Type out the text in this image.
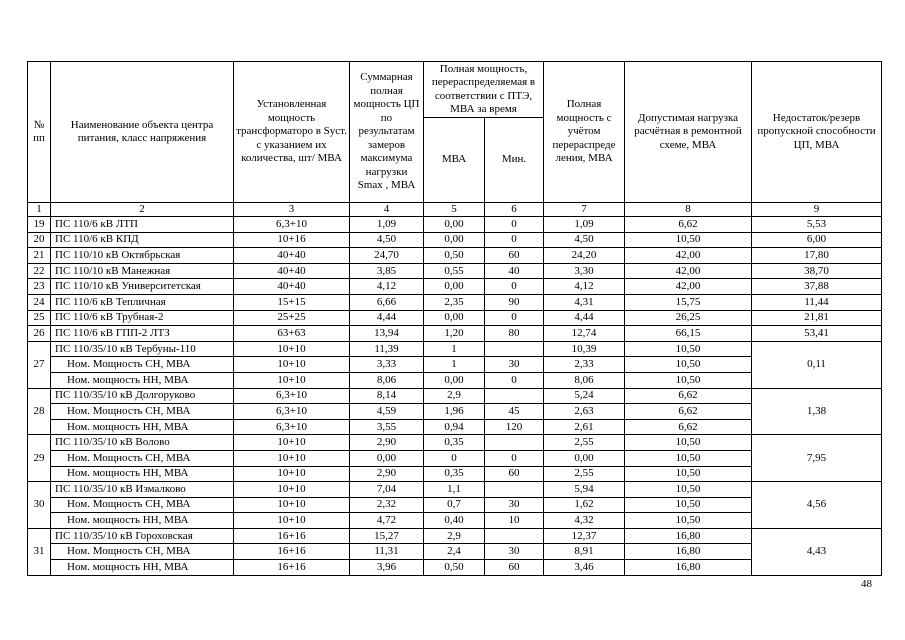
№ пп	Наименование объекта центра питания, класс напряжения	Установленная мощность трансформаторо в Sуст. с указанием их количества, шт/ МВА	Суммарная полная мощность ЦП по результатам замеров максимума нагрузки Smax , МВА	Полная мощность, перераспределяемая в соответствии с ПТЭ, МВА за время		Полная мощность с учётом перераспреде ления, МВА	Допустимая нагрузка расчётная в ремонтной схеме, МВА	Недостаток/резерв пропускной способности ЦП, МВА
				МВА	Мин.			
1	2	3	4	5	6	7	8	9
19	ПС 110/6 кВ ЛТП	6,3+10	1,09	0,00	0	1,09	6,62	5,53
20	ПС 110/6 кВ КПД	10+16	4,50	0,00	0	4,50	10,50	6,00
21	ПС 110/10 кВ Октябрьская	40+40	24,70	0,50	60	24,20	42,00	17,80
22	ПС 110/10 кВ Манежная	40+40	3,85	0,55	40	3,30	42,00	38,70
23	ПС 110/10 кВ Университетская	40+40	4,12	0,00	0	4,12	42,00	37,88
24	ПС 110/6 кВ Тепличная	15+15	6,66	2,35	90	4,31	15,75	11,44
25	ПС 110/6 кВ Трубная-2	25+25	4,44	0,00	0	4,44	26,25	21,81
26	ПС 110/6 кВ ГПП-2 ЛТЗ	63+63	13,94	1,20	80	12,74	66,15	53,41
27	ПС 110/35/10 кВ Тербуны-110	10+10	11,39	1		10,39	10,50	0,11
	Ном. Мощность СН, МВА	10+10	3,33	1	30	2,33	10,50	
	Ном. мощность НН, МВА	10+10	8,06	0,00	0	8,06	10,50	
28	ПС 110/35/10 кВ Долгоруково	6,3+10	8,14	2,9		5,24	6,62	1,38
	Ном. Мощность СН, МВА	6,3+10	4,59	1,96	45	2,63	6,62	
	Ном. мощность НН, МВА	6,3+10	3,55	0,94	120	2,61	6,62	
29	ПС 110/35/10 кВ Волово	10+10	2,90	0,35		2,55	10,50	7,95
	Ном. Мощность СН, МВА	10+10	0,00	0	0	0,00	10,50	
	Ном. мощность НН, МВА	10+10	2,90	0,35	60	2,55	10,50	
30	ПС 110/35/10 кВ Измалково	10+10	7,04	1,1		5,94	10,50	4,56
	Ном. Мощность СН, МВА	10+10	2,32	0,7	30	1,62	10,50	
	Ном. мощность НН, МВА	10+10	4,72	0,40	10	4,32	10,50	
31	ПС 110/35/10 кВ Гороховская	16+16	15,27	2,9		12,37	16,80	4,43
	Ном. Мощность СН, МВА	16+16	11,31	2,4	30	8,91	16,80	
	Ном. мощность НН, МВА	16+16	3,96	0,50	60	3,46	16,80	
48
